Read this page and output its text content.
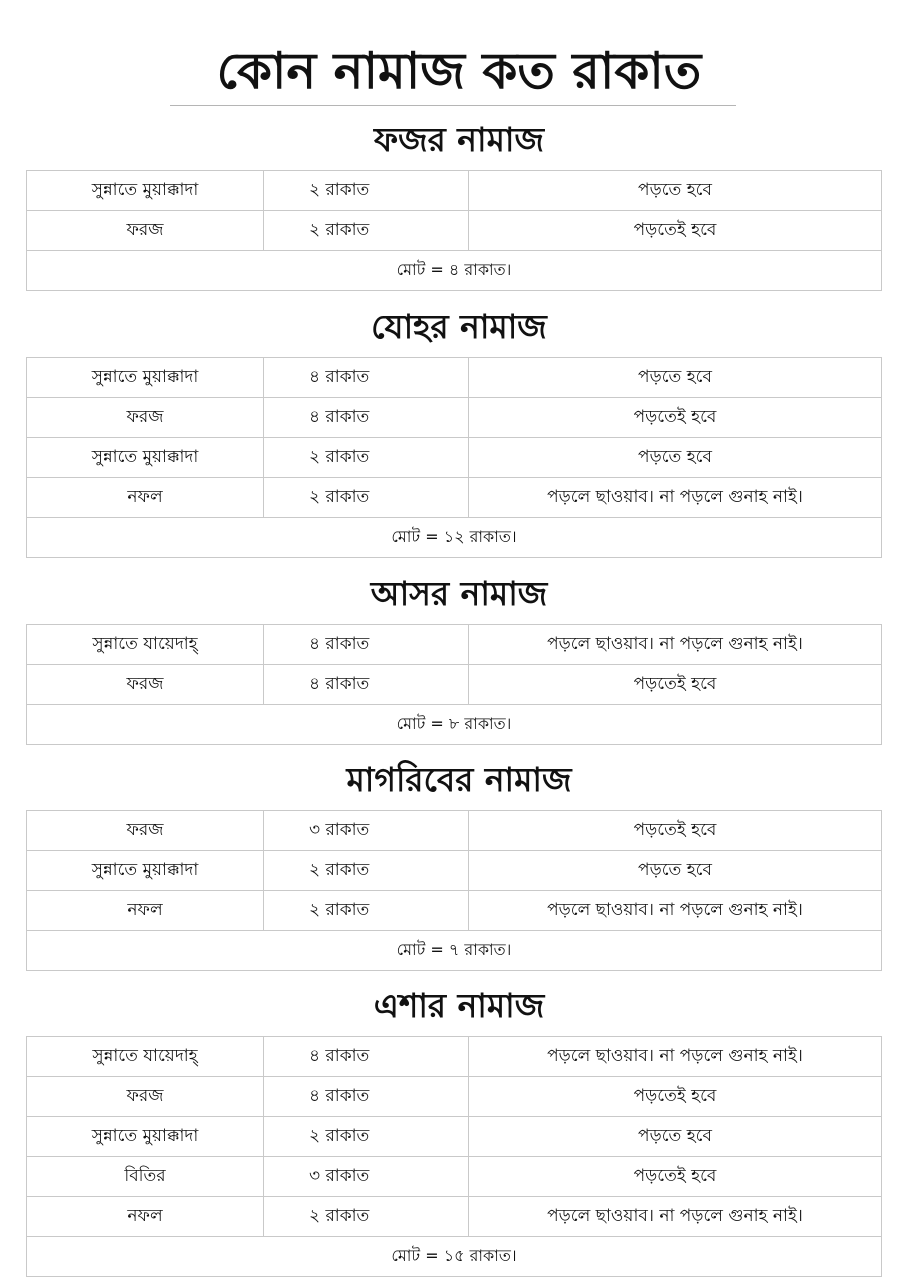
কোন নামাজ কত রাকাত
ফজর নামাজ
সুন্নাতে মুয়াক্কাদা	২ রাকাত	পড়তে হবে
ফরজ	২ রাকাত	পড়তেই হবে
মোট = ৪ রাকাত।		
যোহর নামাজ
সুন্নাতে মুয়াক্কাদা	৪ রাকাত	পড়তে হবে
ফরজ	৪ রাকাত	পড়তেই হবে
সুন্নাতে মুয়াক্কাদা	২ রাকাত	পড়তে হবে
নফল	২ রাকাত	পড়লে ছাওয়াব। না পড়লে গুনাহ নাই।
মোট = ১২ রাকাত।		
আসর নামাজ
সুন্নাতে যায়েদাহ্	৪ রাকাত	পড়লে ছাওয়াব। না পড়লে গুনাহ নাই।
ফরজ	৪ রাকাত	পড়তেই হবে
মোট = ৮ রাকাত।		
মাগরিবের নামাজ
ফরজ	৩ রাকাত	পড়তেই হবে
সুন্নাতে মুয়াক্কাদা	২ রাকাত	পড়তে হবে
নফল	২ রাকাত	পড়লে ছাওয়াব। না পড়লে গুনাহ নাই।
মোট = ৭ রাকাত।		
এশার নামাজ
সুন্নাতে যায়েদাহ্	৪ রাকাত	পড়লে ছাওয়াব। না পড়লে গুনাহ নাই।
ফরজ	৪ রাকাত	পড়তেই হবে
সুন্নাতে মুয়াক্কাদা	২ রাকাত	পড়তে হবে
বিতির	৩ রাকাত	পড়তেই হবে
নফল	২ রাকাত	পড়লে ছাওয়াব। না পড়লে গুনাহ নাই।
মোট = ১৫ রাকাত।		
